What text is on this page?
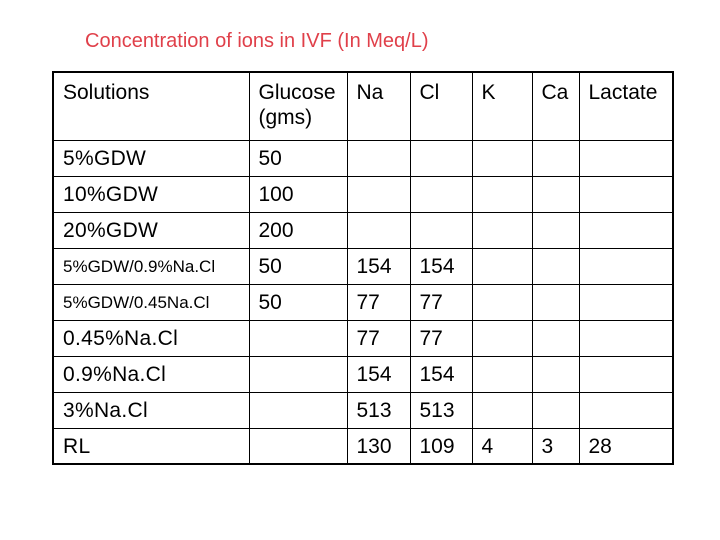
Concentration of ions in IVF (In Meq/L)
Solutions	Glucose(gms)	Na	Cl	K	Ca	Lactate
5%GDW	50					
10%GDW	100					
20%GDW	200					
5%GDW/0.9%Na.Cl	50	154	154			
5%GDW/0.45Na.Cl	50	77	77			
0.45%Na.Cl		77	77			
0.9%Na.Cl		154	154			
3%Na.Cl		513	513			
RL		130	109	4	3	28
